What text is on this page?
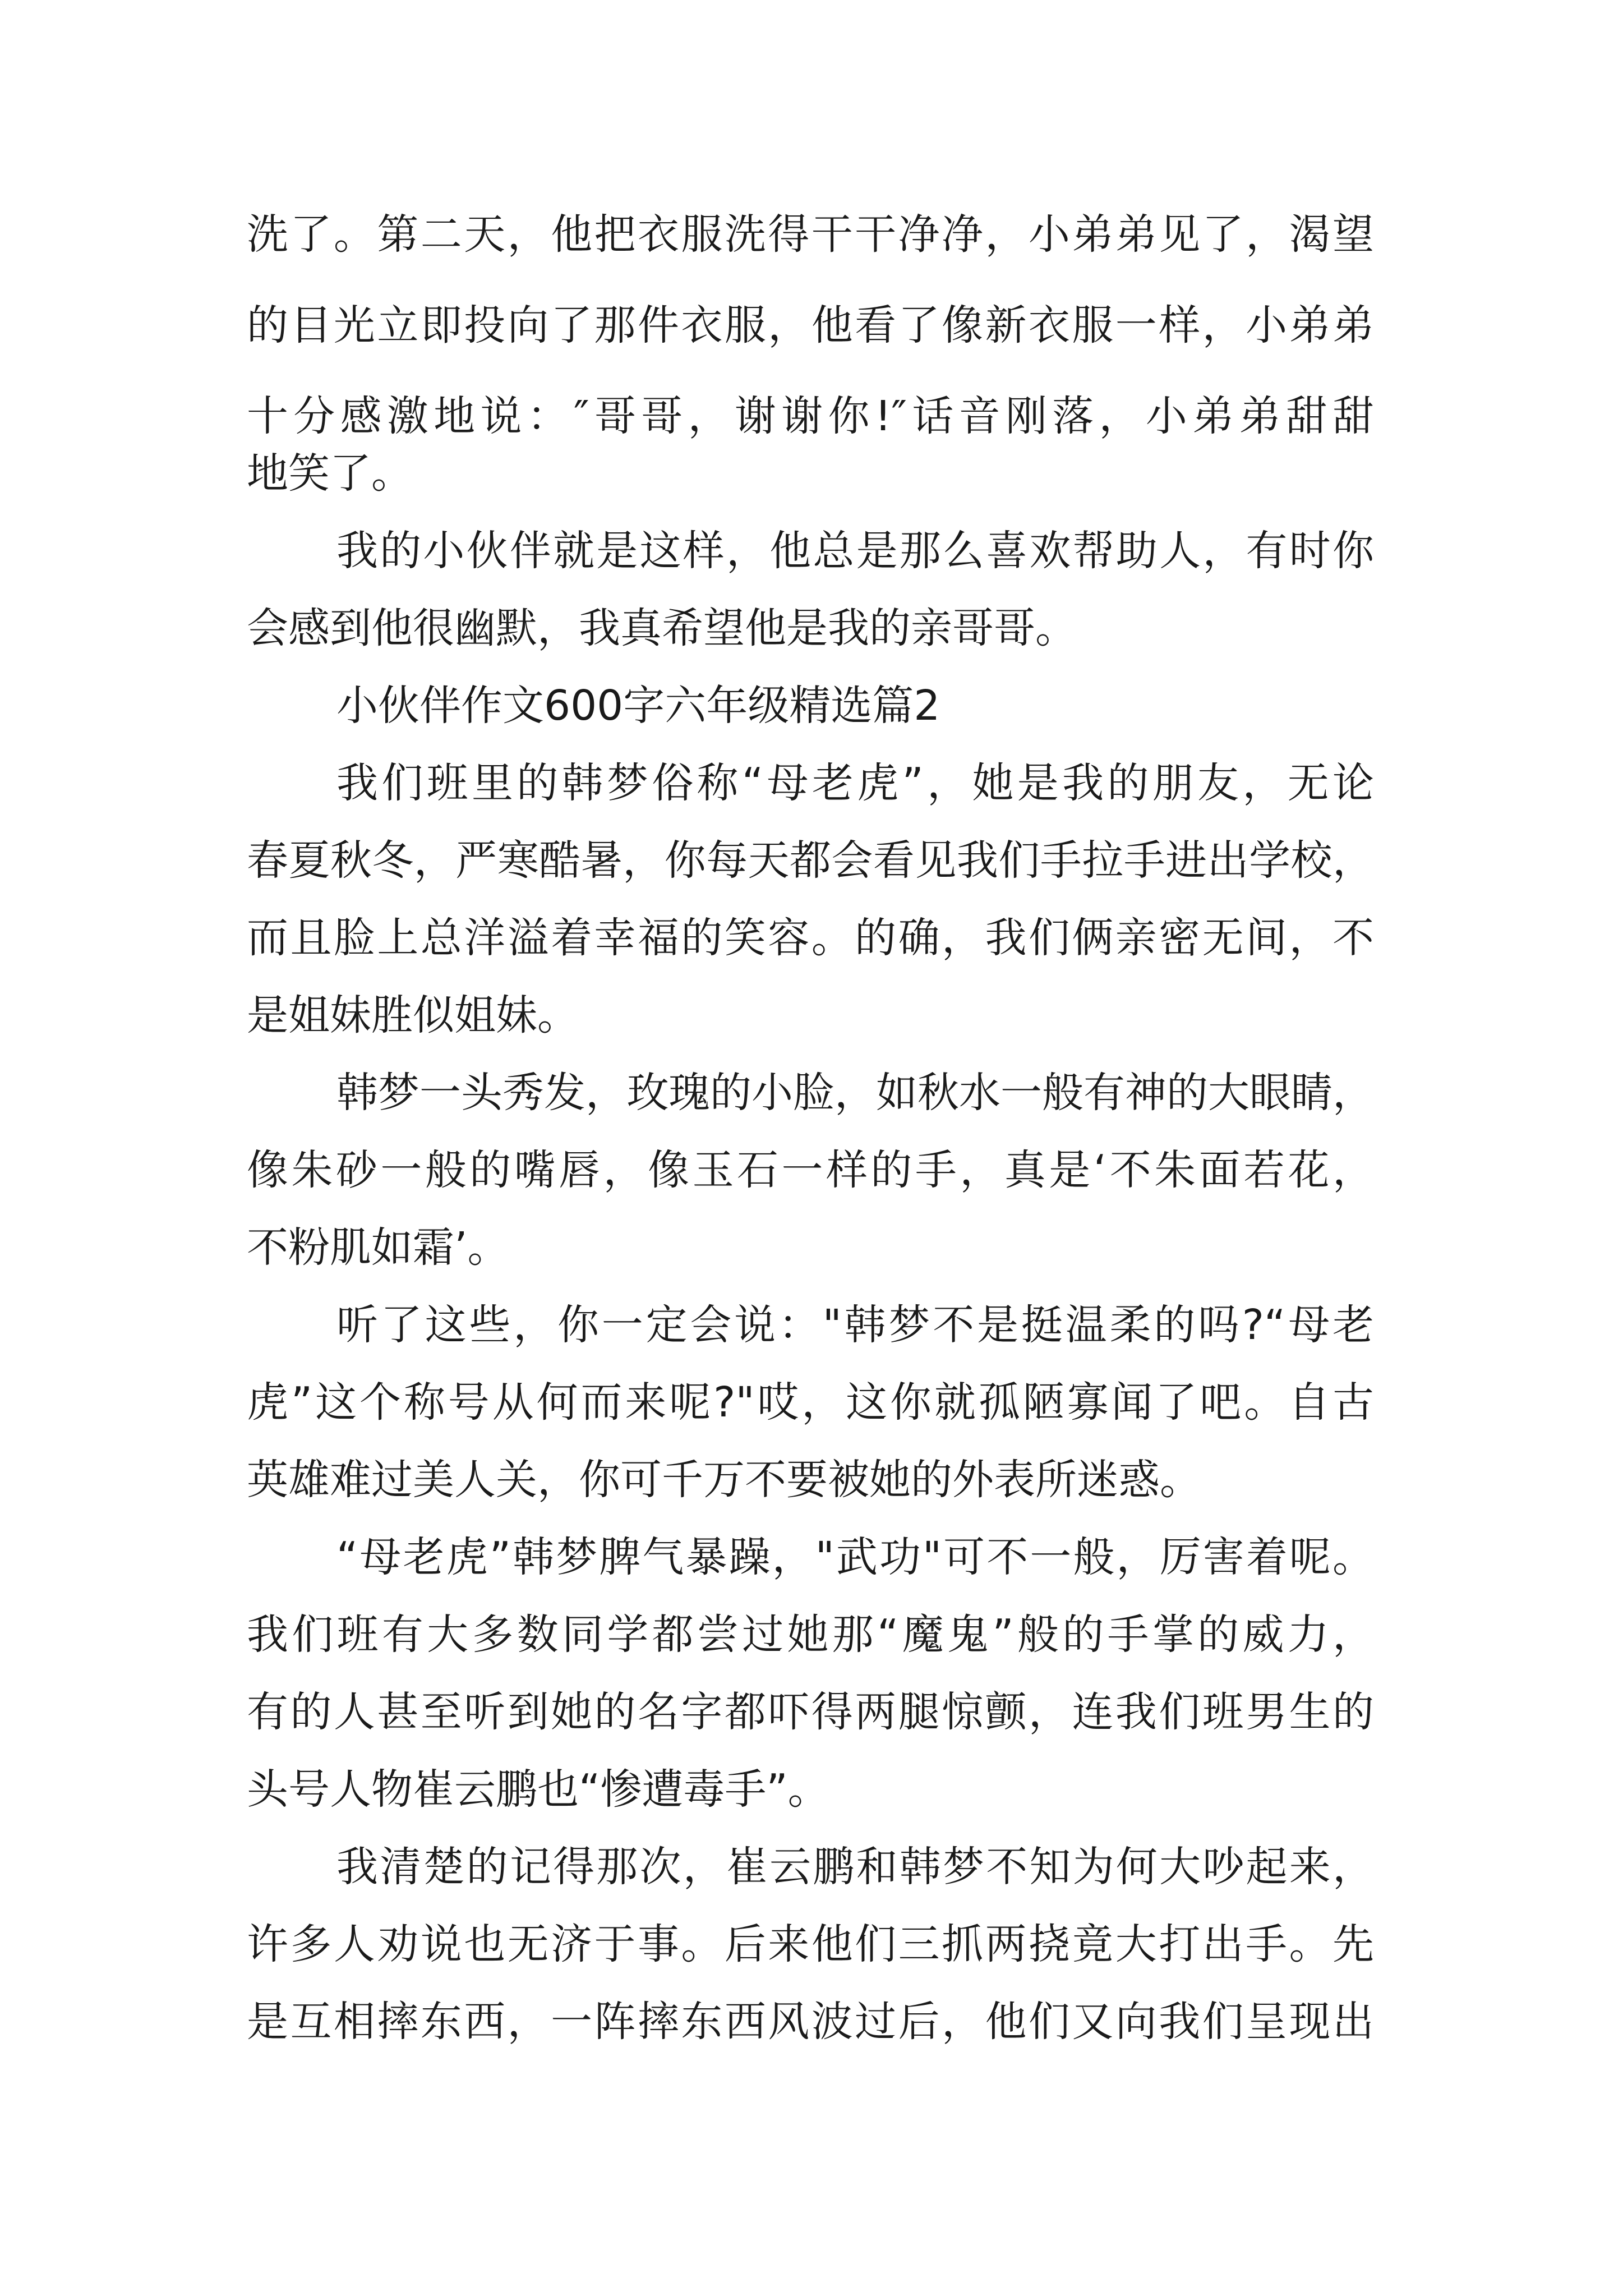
洗了。第二天，他把衣服洗得干干净净，小弟弟见了，渴望
的目光立即投向了那件衣服，他看了像新衣服一样，小弟弟
十分感激地说：″哥哥，谢谢你!″话音刚落，小弟弟甜甜
地笑了。
我的小伙伴就是这样，他总是那么喜欢帮助人，有时你
会感到他很幽默，我真希望他是我的亲哥哥。
小伙伴作文600字六年级精选篇2
我们班里的韩梦俗称“母老虎”，她是我的朋友，无论
春夏秋冬，严寒酷暑，你每天都会看见我们手拉手进出学校，
而且脸上总洋溢着幸福的笑容。的确，我们俩亲密无间，不
是姐妹胜似姐妹。
韩梦一头秀发，玫瑰的小脸，如秋水一般有神的大眼睛，
像朱砂一般的嘴唇，像玉石一样的手，真是‘不朱面若花，
不粉肌如霜’。
听了这些，你一定会说："韩梦不是挺温柔的吗?“母老
虎”这个称号从何而来呢?"哎，这你就孤陋寡闻了吧。自古
英雄难过美人关，你可千万不要被她的外表所迷惑。
“母老虎”韩梦脾气暴躁，"武功"可不一般，厉害着呢。
我们班有大多数同学都尝过她那“魔鬼”般的手掌的威力，
有的人甚至听到她的名字都吓得两腿惊颤，连我们班男生的
头号人物崔云鹏也“惨遭毒手”。
我清楚的记得那次，崔云鹏和韩梦不知为何大吵起来，
许多人劝说也无济于事。后来他们三抓两挠竟大打出手。先
是互相摔东西，一阵摔东西风波过后，他们又向我们呈现出
